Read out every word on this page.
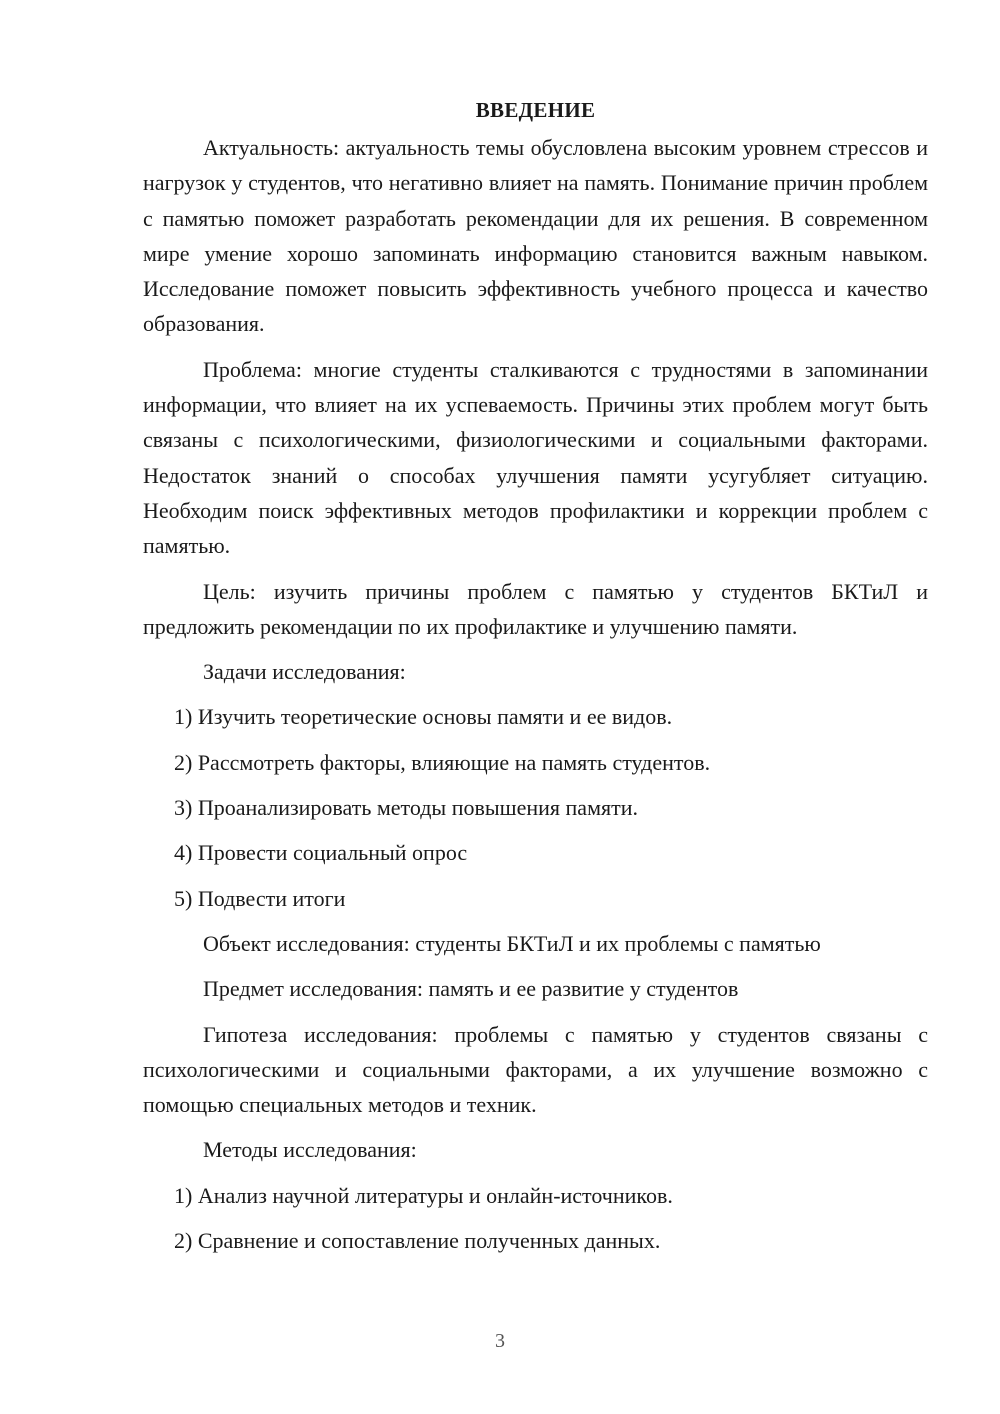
ВВЕДЕНИЕ

Актуальность: актуальность темы обусловлена высоким уровнем стрессов и нагрузок у студентов, что негативно влияет на память. Понимание причин проблем с памятью поможет разработать рекомендации для их решения. В современном мире умение хорошо запоминать информацию становится важным навыком. Исследование поможет повысить эффективность учебного процесса и качество образования.

Проблема: многие студенты сталкиваются с трудностями в запоминании информации, что влияет на их успеваемость. Причины этих проблем могут быть связаны с психологическими, физиологическими и социальными факторами. Недостаток знаний о способах улучшения памяти усугубляет ситуацию. Необходим поиск эффективных методов профилактики и коррекции проблем с памятью.

Цель: изучить причины проблем с памятью у студентов БКТиЛ и предложить рекомендации по их профилактике и улучшению памяти.

Задачи исследования:
1) Изучить теоретические основы памяти и ее видов.
2) Рассмотреть факторы, влияющие на память студентов.
3) Проанализировать методы повышения памяти.
4) Провести социальный опрос
5) Подвести итоги
Объект исследования: студенты БКТиЛ и их проблемы с памятью
Предмет исследования: память и ее развитие у студентов

Гипотеза исследования: проблемы с памятью у студентов связаны с психологическими и социальными факторами, а их улучшение возможно с помощью специальных методов и техник.

Методы исследования:
1) Анализ научной литературы и онлайн-источников.
2) Сравнение и сопоставление полученных данных.
3
